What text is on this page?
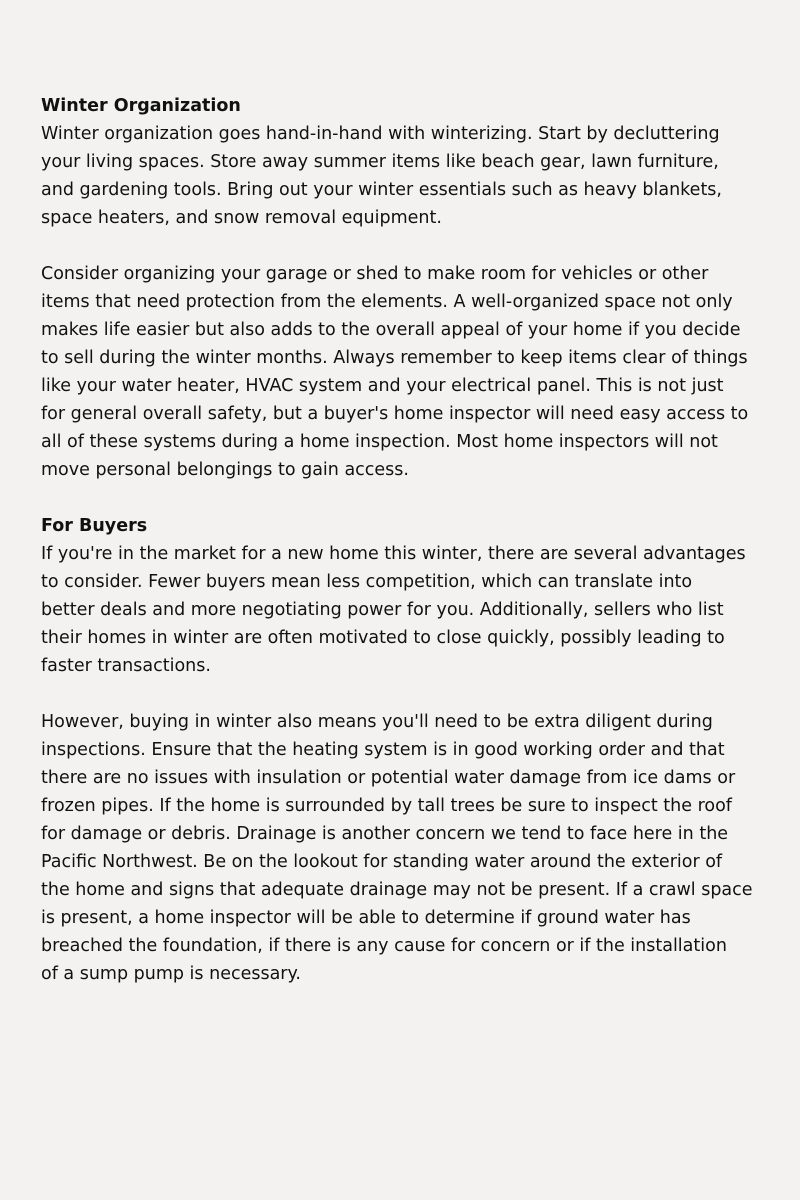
Winter Organization

Winter organization goes hand-in-hand with winterizing. Start by decluttering
your living spaces. Store away summer items like beach gear, lawn furniture,
and gardening tools. Bring out your winter essentials such as heavy blankets,
space heaters, and snow removal equipment.

Consider organizing your garage or shed to make room for vehicles or other
items that need protection from the elements. A well-organized space not only
makes life easier but also adds to the overall appeal of your home if you decide
to sell during the winter months. Always remember to keep items clear of things
like your water heater, HVAC system and your electrical panel. This is not just
for general overall safety, but a buyer's home inspector will need easy access to
all of these systems during a home inspection. Most home inspectors will not
move personal belongings to gain access.

For Buyers

If you're in the market for a new home this winter, there are several advantages
to consider. Fewer buyers mean less competition, which can translate into
better deals and more negotiating power for you. Additionally, sellers who list
their homes in winter are often motivated to close quickly, possibly leading to
faster transactions.

However, buying in winter also means you'll need to be extra diligent during
inspections. Ensure that the heating system is in good working order and that
there are no issues with insulation or potential water damage from ice dams or
frozen pipes. If the home is surrounded by tall trees be sure to inspect the roof
for damage or debris. Drainage is another concern we tend to face here in the
Pacific Northwest. Be on the lookout for standing water around the exterior of
the home and signs that adequate drainage may not be present. If a crawl space
is present, a home inspector will be able to determine if ground water has
breached the foundation, if there is any cause for concern or if the installation
of a sump pump is necessary.
